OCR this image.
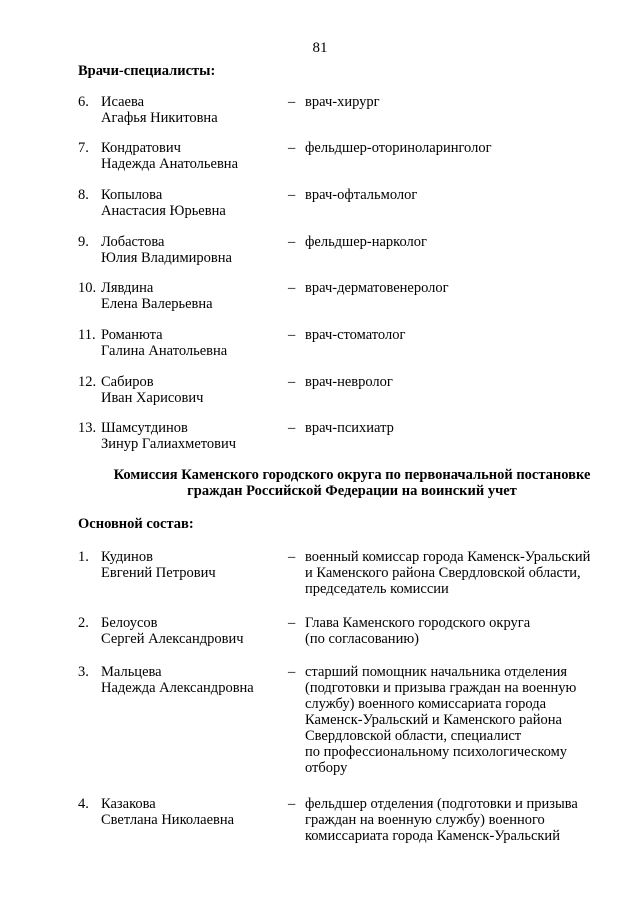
81
Врачи-специалисты:
6. Исаева
Агафья Никитовна
– врач-хирург
7. Кондратович
Надежда Анатольевна
– фельдшер-оториноларинголог
8. Копылова
Анастасия Юрьевна
– врач-офтальмолог
9. Лобастова
Юлия Владимировна
– фельдшер-нарколог
10. Лявдина
Елена Валерьевна
– врач-дерматовенеролог
11. Романюта
Галина Анатольевна
– врач-стоматолог
12. Сабиров
Иван Харисович
– врач-невролог
13. Шамсутдинов
Зинур Галиахметович
– врач-психиатр
Комиссия Каменского городского округа по первоначальной постановке
граждан Российской Федерации на воинский учет
Основной состав:
1. Кудинов
Евгений Петрович
– военный комиссар города Каменск-Уральский
и Каменского района Свердловской области,
председатель комиссии
2. Белоусов
Сергей Александрович
– Глава Каменского городского округа
(по согласованию)
3. Мальцева
Надежда Александровна
– старший помощник начальника отделения
(подготовки и призыва граждан на военную
службу) военного комиссариата города
Каменск-Уральский и Каменского района
Свердловской области, специалист
по профессиональному психологическому
отбору
4. Казакова
Светлана Николаевна
– фельдшер отделения (подготовки и призыва
граждан на военную службу) военного
комиссариата города Каменск-Уральский
